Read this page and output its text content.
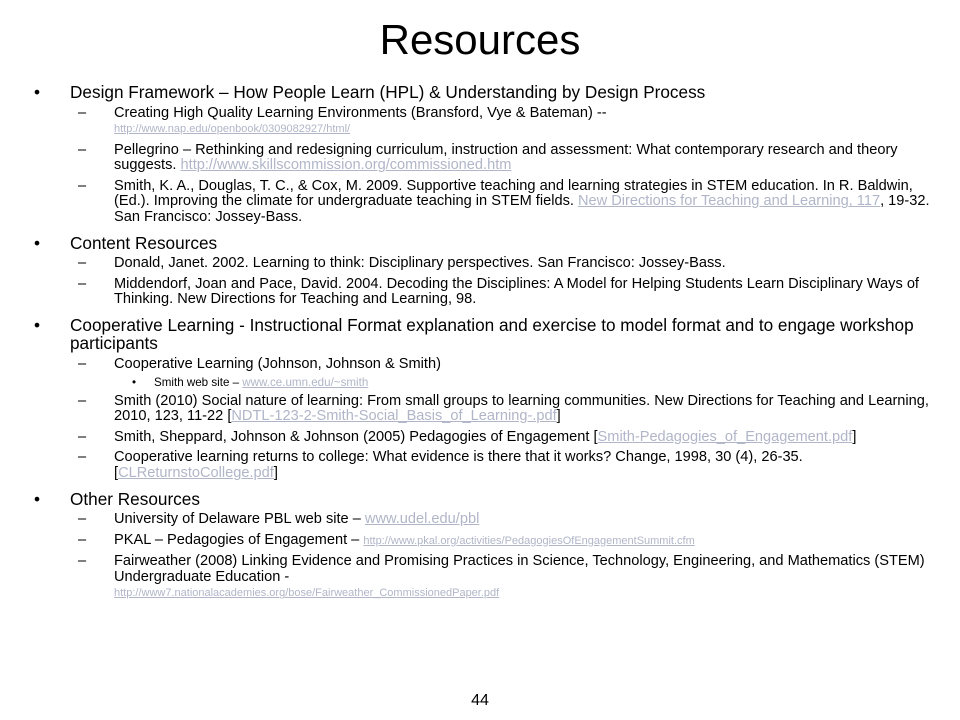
Resources
• Design Framework – How People Learn (HPL) & Understanding by Design Process
– Creating High Quality Learning Environments (Bransford, Vye & Bateman) --
http://www.nap.edu/openbook/0309082927/html/
– Pellegrino – Rethinking and redesigning curriculum, instruction and assessment: What contemporary research and theory suggests. http://www.skillscommission.org/commissioned.htm
– Smith, K. A., Douglas, T. C., & Cox, M. 2009. Supportive teaching and learning strategies in STEM education. In R. Baldwin, (Ed.). Improving the climate for undergraduate teaching in STEM fields. New Directions for Teaching and Learning, 117, 19-32. San Francisco: Jossey-Bass.
• Content Resources
– Donald, Janet. 2002. Learning to think: Disciplinary perspectives. San Francisco: Jossey-Bass.
– Middendorf, Joan and Pace, David. 2004. Decoding the Disciplines: A Model for Helping Students Learn Disciplinary Ways of Thinking. New Directions for Teaching and Learning, 98.
• Cooperative Learning - Instructional Format explanation and exercise to model format and to engage workshop participants
– Cooperative Learning (Johnson, Johnson & Smith)
• Smith web site – www.ce.umn.edu/~smith
– Smith (2010) Social nature of learning: From small groups to learning communities. New Directions for Teaching and Learning, 2010, 123, 11-22 [NDTL-123-2-Smith-Social_Basis_of_Learning-.pdf]
– Smith, Sheppard, Johnson & Johnson (2005) Pedagogies of Engagement [Smith-Pedagogies_of_Engagement.pdf]
– Cooperative learning returns to college: What evidence is there that it works? Change, 1998, 30 (4), 26-35. [CLReturnstoCollege.pdf]
• Other Resources
– University of Delaware PBL web site – www.udel.edu/pbl
– PKAL – Pedagogies of Engagement – http://www.pkal.org/activities/PedagogiesOfEngagementSummit.cfm
– Fairweather (2008) Linking Evidence and Promising Practices in Science, Technology, Engineering, and Mathematics (STEM) Undergraduate Education -
http://www7.nationalacademies.org/bose/Fairweather_CommissionedPaper.pdf
44
